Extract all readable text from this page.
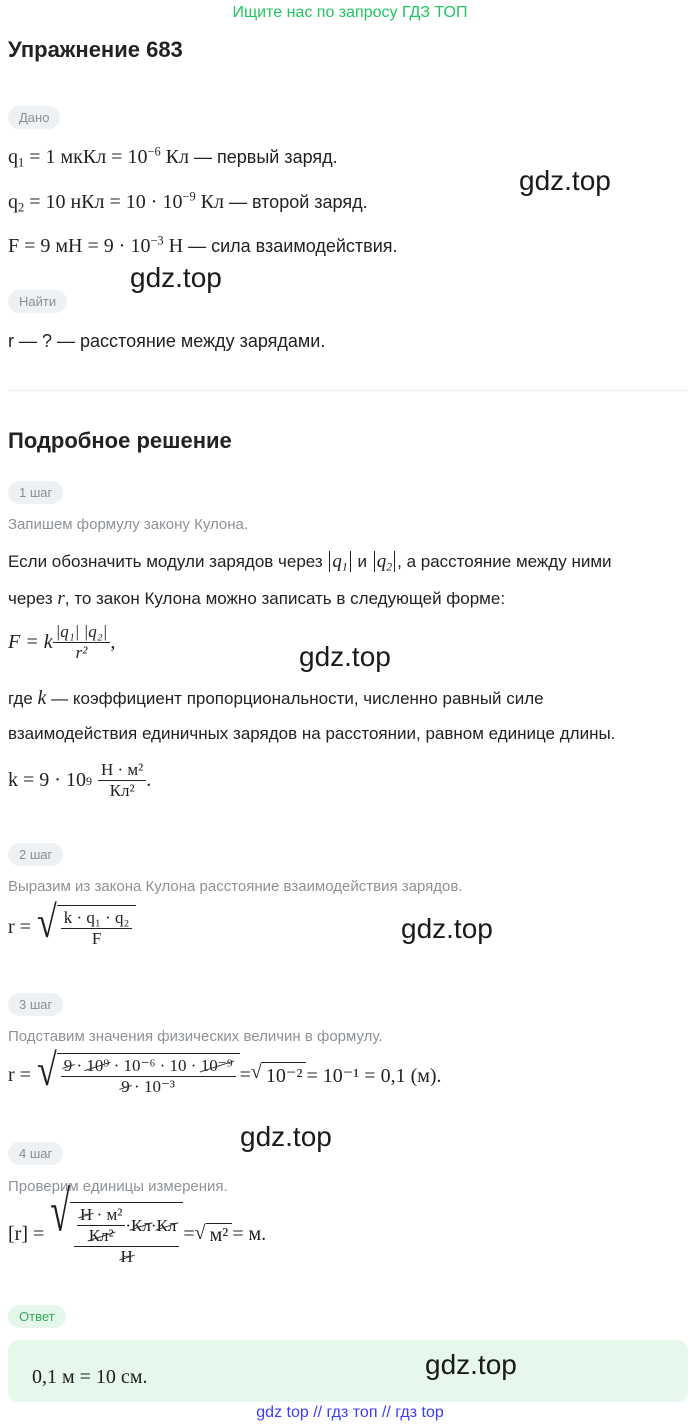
Ищите нас по запросу ГДЗ ТОП
Упражнение 683
Дано
$q_1 = 1$ мкКл = $10^{-6}$ Кл — первый заряд.
$q_2 = 10$ нКл = $10 \cdot 10^{-9}$ Кл — второй заряд.
F = 9 мН = $9 \cdot 10^{-3}$ Н — сила взаимодействия.
Найти
r — ? — расстояние между зарядами.
Подробное решение
1 шаг
Запишем формулу закону Кулона.
Если обозначить модули зарядов через $q_1$ и $q_2$ , а расстояние между ними
через r, то закон Кулона можно записать в следующей форме:
F = k $\frac{\text{|q₁| |q₂|}}{\text{r²}}$ ,
где k — коэффициент пропорциональности, численно равный силе
взаимодействия единичных зарядов на расстоянии, равном единице длины.
k = 9 · 10 $9 \frac{\text{Н · м²}}{\text{Кл²}}$ .
2 шаг
Выразим из закона Кулона расстояние взаимодействия зарядов.
r = √ $\frac{\text{k · q₁ · q₂}}{F}$
3 шаг
Подставим значения физических величин в формулу.
r = √ $\frac{\text{9 · 10⁹ · 10⁻⁶ · 10 · 10⁻⁹}}{\text{9 · 10⁻³}}$ = √ 10⁻² = 10⁻¹ = 0,1 (м).
4 шаг
Проверим единицы измерения.
[r] = √ $\frac{\frac{\text{Н · м²}}{\text{Кл²}} \cdot Кл \cdot Кл}{Н}$ = √ м² = м.
Ответ
0,1 м = 10 см.
gdz.top
gdz.top
gdz.top
gdz.top
gdz.top
gdz.top
gdz top // гдз топ // гдз top
